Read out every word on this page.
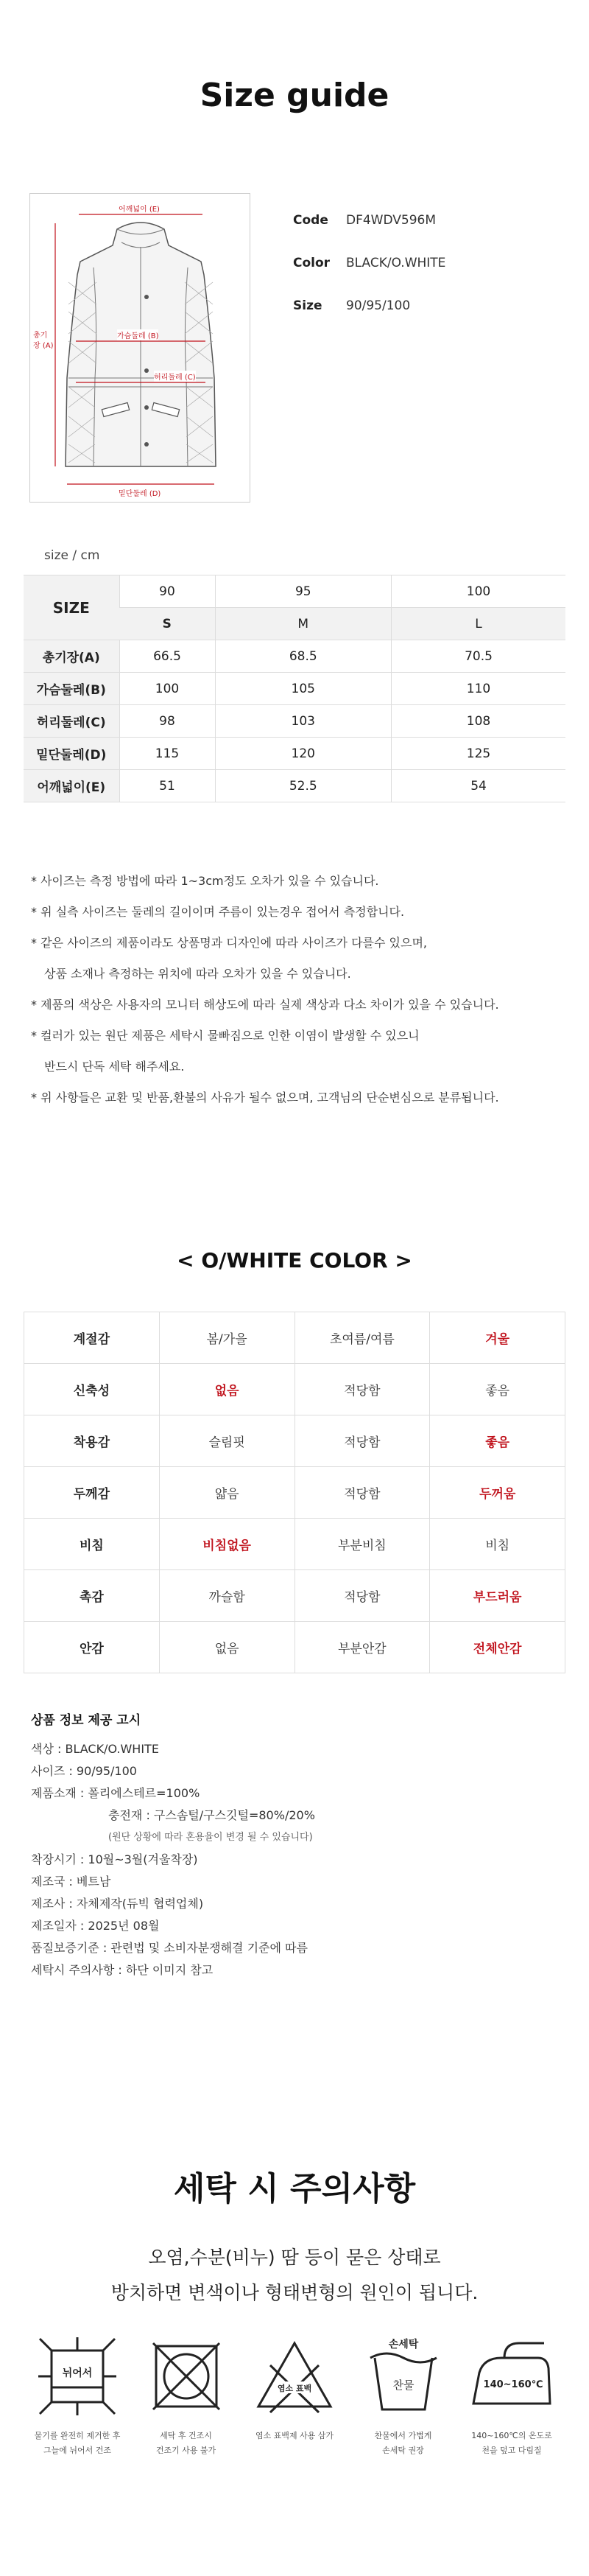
Size guide
어깨넓이 (E)
총기장 (A)
가슴둘레 (B)
허리둘레 (C)
밑단둘레 (D)
Code	DF4WDV596M
Color	BLACK/O.WHITE
Size	90/95/100
size / cm
SIZE	90	95	100
	S	M	L
총기장(A)	66.5	68.5	70.5
가슴둘레(B)	100	105	110
허리둘레(C)	98	103	108
밑단둘레(D)	115	120	125
어깨넓이(E)	51	52.5	54
* 사이즈는 측정 방법에 따라 1~3cm정도 오차가 있을 수 있습니다.
* 위 실측 사이즈는 둘레의 길이이며 주름이 있는경우 접어서 측정합니다.
* 같은 사이즈의 제품이라도 상품명과 디자인에 따라 사이즈가 다를수 있으며,
상품 소재나 측정하는 위치에 따라 오차가 있을 수 있습니다.
* 제품의 색상은 사용자의 모니터 해상도에 따라 실제 색상과 다소 차이가 있을 수 있습니다.
* 컬러가 있는 원단 제품은 세탁시 물빠짐으로 인한 이염이 발생할 수 있으니
반드시 단독 세탁 해주세요.
* 위 사항들은 교환 및 반품,환불의 사유가 될수 없으며, 고객님의 단순변심으로 분류됩니다.
< O/WHITE COLOR >
계절감	봄/가을	초여름/여름	겨울
신축성	없음	적당함	좋음
착용감	슬림핏	적당함	좋음
두께감	얇음	적당함	두꺼움
비침	비침없음	부분비침	비침
촉감	까슬함	적당함	부드러움
안감	없음	부분안감	전체안감
상품 정보 제공 고시
색상 : BLACK/O.WHITE
사이즈 : 90/95/100
제품소재 : 폴리에스테르=100%
충전재 : 구스솜털/구스깃털=80%/20%
(원단 상황에 따라 혼용율이 변경 될 수 있습니다)
착장시기 : 10월~3월(겨울착장)
제조국 : 베트남
제조사 : 자체제작(듀빅 협력업체)
제조일자 : 2025년 08월
품질보증기준 : 관련법 및 소비자분쟁해결 기준에 따름
세탁시 주의사항 : 하단 이미지 참고
세탁 시 주의사항
오염,수분(비누) 땀 등이 묻은 상태로
방치하면 변색이나 형태변형의 원인이 됩니다.
뉘어서
물기를 완전히 제거한 후
그늘에 뉘어서 건조
세탁 후 건조시
건조기 사용 불가
염소 표백
염소 표백제 사용 삼가
손세탁
찬물
찬물에서 가볍게
손세탁 권장
140~160℃
140~160℃의 온도로
천을 덮고 다림질
